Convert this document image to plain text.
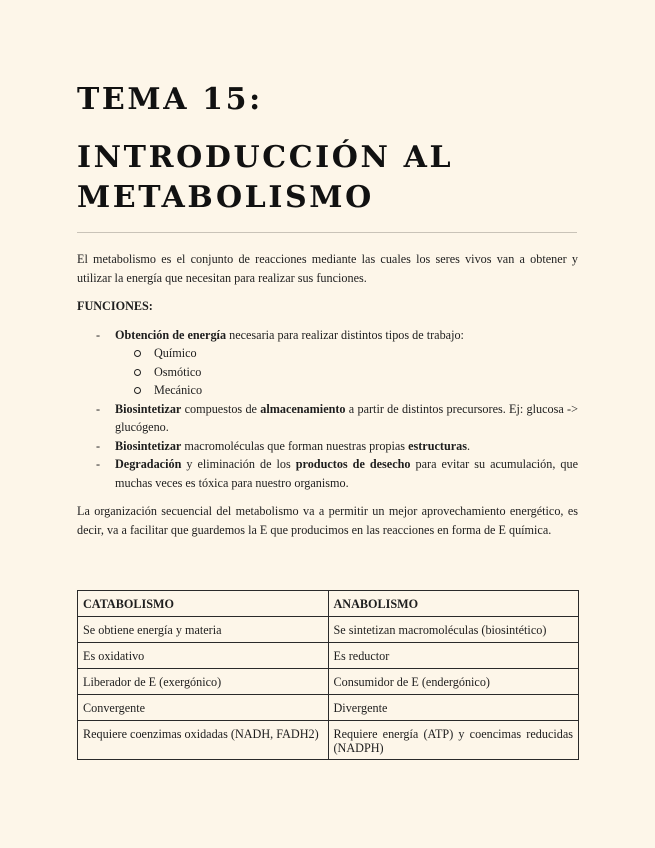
TEMA 15:
INTRODUCCIÓN AL
METABOLISMO

El metabolismo es el conjunto de reacciones mediante las cuales los seres vivos van a obtener y utilizar la energía que necesitan para realizar sus funciones.

FUNCIONES:

- Obtención de energía necesaria para realizar distintos tipos de trabajo:
Químico
Osmótico
Mecánico
- Biosintetizar compuestos de almacenamiento a partir de distintos precursores. Ej: glucosa -> glucógeno.
- Biosintetizar macromoléculas que forman nuestras propias estructuras.
- Degradación y eliminación de los productos de desecho para evitar su acumulación, que muchas veces es tóxica para nuestro organismo.

La organización secuencial del metabolismo va a permitir un mejor aprovechamiento energético, es decir, va a facilitar que guardemos la E que producimos en las reacciones en forma de E química.

CATABOLISMO	ANABOLISMO
Se obtiene energía y materia	Se sintetizan macromoléculas (biosintético)
Es oxidativo	Es reductor
Liberador de E (exergónico)	Consumidor de E (endergónico)
Convergente	Divergente
Requiere coenzimas oxidadas (NADH, FADH2)	Requiere energía (ATP) y coencimas reducidas (NADPH)
